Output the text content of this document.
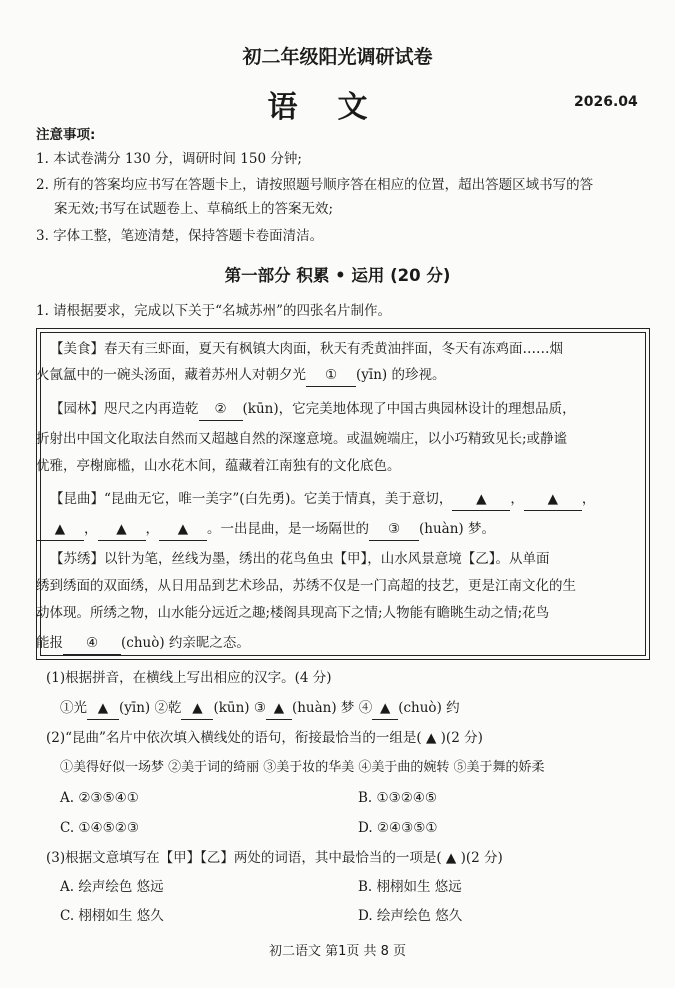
初二年级阳光调研试卷
语文	2026.04
注意事项:
1. 本试卷满分 130 分，调研时间 150 分钟;
2. 所有的答案均应书写在答题卡上，请按照题号顺序答在相应的位置，超出答题区域书写的答
案无效;书写在试题卷上、草稿纸上的答案无效;
3. 字体工整，笔迹清楚，保持答题卡卷面清洁。
第一部分 积累 • 运用 (20 分)
1. 请根据要求，完成以下关于“名城苏州”的四张名片制作。
【美食】春天有三虾面，夏天有枫镇大肉面，秋天有秃黄油拌面，冬天有冻鸡面……烟
火氤氲中的一碗头汤面，藏着苏州人对朝夕光 ① (yīn) 的珍视。
【园林】咫尺之内再造乾 ② (kūn)，它完美地体现了中国古典园林设计的理想品质，
折射出中国文化取法自然而又超越自然的深邃意境。或温婉端庄，以小巧精致见长;或静谧
优雅，亭榭廊槛，山水花木间，蕴藏着江南独有的文化底色。
【昆曲】“昆曲无它，唯一美字”(白先勇)。它美于情真，美于意切， ▲ ， ▲ ，
▲ ， ▲ ， ▲ 。一出昆曲，是一场隔世的 ③ (huàn) 梦。
【苏绣】以针为笔，丝线为墨，绣出的花鸟鱼虫【甲】，山水风景意境【乙】。从单面
绣到绣面的双面绣，从日用品到艺术珍品，苏绣不仅是一门高超的技艺，更是江南文化的生
动体现。所绣之物，山水能分远近之趣;楼阁具现高下之情;人物能有瞻眺生动之情;花鸟
能报 ④ (chuò) 约亲昵之态。
(1)根据拼音，在横线上写出相应的汉字。(4 分)
①光 ▲ (yīn) ②乾 ▲ (kūn) ③ ▲ (huàn) 梦 ④ ▲ (chuò) 约
(2)“昆曲”名片中依次填入横线处的语句，衔接最恰当的一组是( ▲ )(2 分)
①美得好似一场梦 ②美于词的绮丽 ③美于妆的华美 ④美于曲的婉转 ⑤美于舞的娇柔
A. ②③⑤④①	B. ①③②④⑤
C. ①④⑤②③	D. ②④③⑤①
(3)根据文意填写在【甲】【乙】两处的词语，其中最恰当的一项是( ▲ )(2 分)
A. 绘声绘色 悠远	B. 栩栩如生 悠远
C. 栩栩如生 悠久	D. 绘声绘色 悠久
初二语文 第1页 共 8 页
